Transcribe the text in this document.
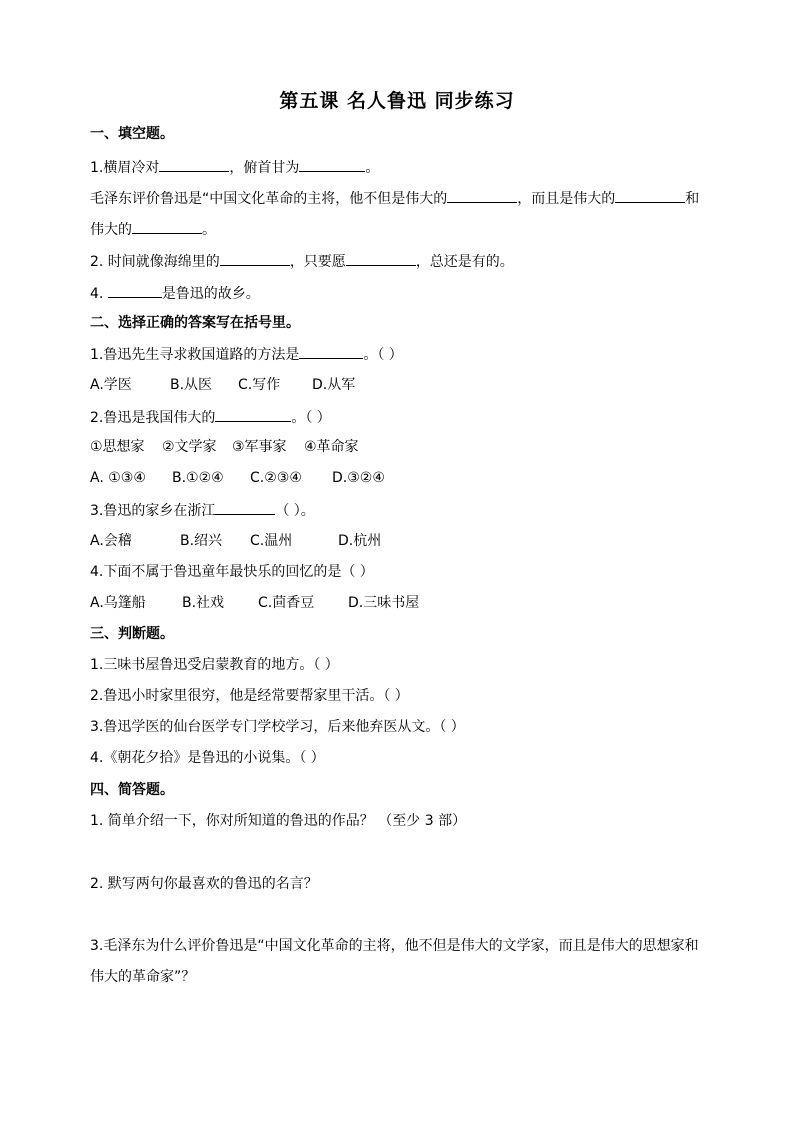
第五课 名人鲁迅 同步练习
一、填空题。
1.横眉冷对	，俯首甘为	。
毛泽东评价鲁迅是“中国文化革命的主将，他不但是伟大的	，而且是伟大的	和
伟大的	。
2. 时间就像海绵里的	，只要愿	，总还是有的。
4.	是鲁迅的故乡。
二、选择正确的答案写在括号里。
1.鲁迅先生寻求救国道路的方法是	。（ ）
A.学医	B.从医 C.写作 D.从军
2.鲁迅是我国伟大的	。（ ）
①思想家 ②文学家 ③军事家 ④革命家
A. ①③④ B.①②④ C.②③④ D.③②④
3.鲁迅的家乡在浙江	（ ）。
A.会稽	B.绍兴 C.温州	D.杭州
4.下面不属于鲁迅童年最快乐的回忆的是（ ）
A.乌篷船	B.社戏 C.茴香豆 D.三味书屋
三、判断题。
1.三味书屋鲁迅受启蒙教育的地方。（ ）
2.鲁迅小时家里很穷，他是经常要帮家里干活。（ ）
3.鲁迅学医的仙台医学专门学校学习，后来他弃医从文。（ ）
4.《朝花夕拾》是鲁迅的小说集。（ ）
四、简答题。
1. 简单介绍一下，你对所知道的鲁迅的作品？ （至少 3 部）
2. 默写两句你最喜欢的鲁迅的名言？
3.毛泽东为什么评价鲁迅是“中国文化革命的主将，他不但是伟大的文学家，而且是伟大的思想家和
伟大的革命家”？
